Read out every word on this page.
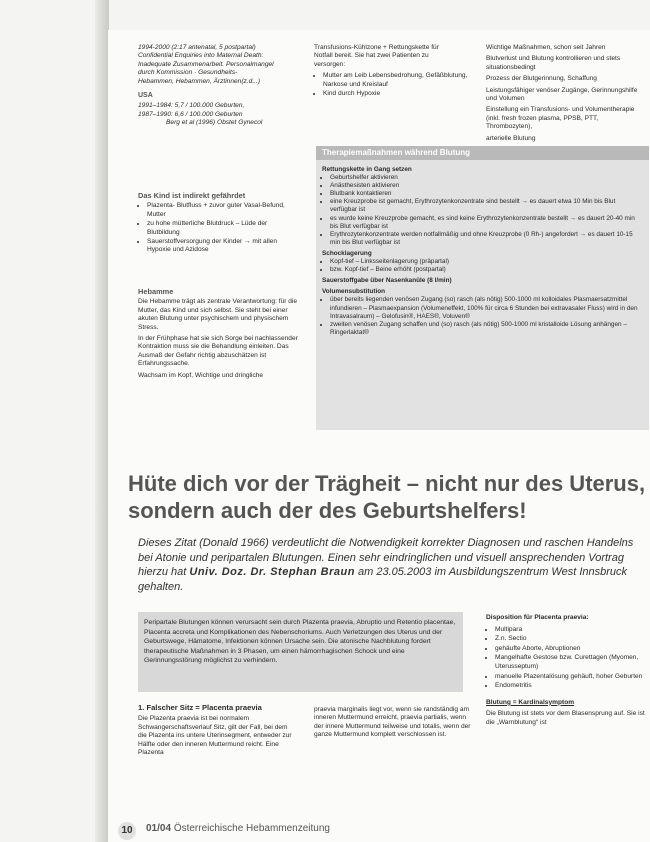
1994-2000 (2:17 antenatal, 5 postpartal)
Confidential Enquiries into Maternal Death:
Inadequate Zusammenarbeit. Personalmangel
durch Kommission · Gesundheits-
Hebammen, Hebammen, Ärztinnen(z.d...)

USA

1991–1984: 5,7 / 100.000 Geburten,
1987–1990: 6,6 / 100.000 Geburten
Berg et al (1996) Obstet Gynecol

Das Kind ist indirekt gefährdet
• Plazenta- Blutfluss + zuvor guter Vasal-Befund, Mutter
• zu hohe mütterliche Blutdruck – Lüde der Blutbildung
• Sauerstoffversorgung der Kinder → mit allen Hypoxie und Azidose
Hebamme

Die Hebamme trägt als zentrale Verantwortung: für die Mutter, das Kind und sich selbst. Sie steht bei einer akuten Blutung unter psychischem und physischem Stress.

In der Frühphase hat sie sich Sorge bei nachlassender Kontraktion muss sie die Behandlung einleiten. Das Ausmaß der Gefahr richtig abzuschätzen ist Erfahrungssache.

Wachsam im Kopf, Wichtige und dringliche

Transfusions-Kühlzone + Rettungskette für
Notfall bereit. Sie hat zwei Patienten zu
versorgen:

• Mutter am Leib Lebensbedrohung, Gefäßblutung, Narkose und Kreislauf
• Kind durch Hypoxie

Wichtige Maßnahmen, schon seit Jahren

Blutverlust und Blutung kontrollieren und stets situationsbedingt

Prozess der Blutgerinnung, Schaffung

Leistungsfähiger venöser Zugänge, Gerinnungshilfe und Volumen

Einstellung ein Transfusions- und Volumentherapie (inkl. fresh frozen plasma, PPSB, PTT, Thrombozyten),

arterielle Blutung

Therapiemaßnahmen während Blutung
Rettungskette in Gang setzen
• Geburtshelfer aktivieren
• Anästhesisten aktivieren
• Blutbank kontaktieren
• eine Kreuzprobe ist gemacht, Erythrozytenkonzentrate sind bestellt → es dauert etwa 10 Min bis Blut verfügbar ist
• es wurde keine Kreuzprobe gemacht, es sind keine Erythrozytenkonzentrate bestellt → es dauert 20-40 min bis Blut verfügbar ist
• Erythrozytenkonzentrate werden notfallmäßig und ohne Kreuzprobe (0 Rh-) angefordert → es dauert 10-15 min bis Blut verfügbar ist
Schocklagerung
• Kopf-tief – Linksseitenlagerung (präpartal)
• bzw. Kopf-tief – Beine erhöht (postpartal)
Sauerstoffgabe über Nasenkanüle (8 l/min)
Volumensubstitution
• über bereits liegenden venösen Zugang (so) rasch (als nötig) 500-1000 ml kolloidales Plasmaersatzmittel infundieren – Plasmaexpansion (Volumeneffekt, 100% für circa 6 Stunden bei extravasaler Fluss) wird in den Intravasalraum) – Gelofusin®, HAES®, Voluven®
• zweiten venösen Zugang schaffen und (so) rasch (als nötig) 500-1000 ml kristalloide Lösung anhängen – Ringerlaktat®
Hüte dich vor der Trägheit – nicht nur des Uterus, sondern auch der des Geburtshelfers!
Dieses Zitat (Donald 1966) verdeutlicht die Notwendigkeit korrekter Diagnosen und raschen Handelns bei Atonie und peripartalen Blutungen. Einen sehr eindringlichen und visuell ansprechenden Vortrag hierzu hat Univ. Doz. Dr. Stephan Braun am 23.05.2003 im Ausbildungszentrum West Innsbruck gehalten.
Peripartale Blutungen können verursacht sein durch Plazenta praevia, Abruptio und Retentio placentae, Placenta accreta und Komplikationen des Nebenschoriums. Auch Verletzungen des Uterus und der Geburtswege, Hämatome, Infektionen können Ursache sein. Die atonische Nachblutung fordert therapeutische Maßnahmen in 3 Phasen, um einen hämorrhagischen Schock und eine Gerinnungsstörung möglichst zu verhindern.
Disposition für Placenta praevia:
• Multipara
• Z.n. Sectio
• gehäufte Aborte, Abruptionen
• Mangelhafte Gestose bzw. Curettagen (Myomen, Uterusseptum)
• manuelle Plazentalösung gehäuft, hoher Geburten
• Endometritis
Blutung = Kardinalsymptom
Die Blutung ist stets vor dem Blasensprung auf. Sie ist die „Warnblutung“ ist
1. Falscher Sitz = Placenta praevia

Die Plazenta praevia ist bei normalem Schwangerschaftsverlauf Sitz, gilt der Fall, bei dem die Plazenta ins untere Uterinsegment, entweder zur Hälfte oder den inneren Muttermund reicht. Eine Plazenta

praevia marginalis liegt vor, wenn sie randständig am inneren Muttermund erreicht, praevia partialis, wenn der innere Muttermund teilweise und totalis, wenn der ganze Muttermund komplett verschlossen ist.

10	01/04 Österreichische Hebammenzeitung
